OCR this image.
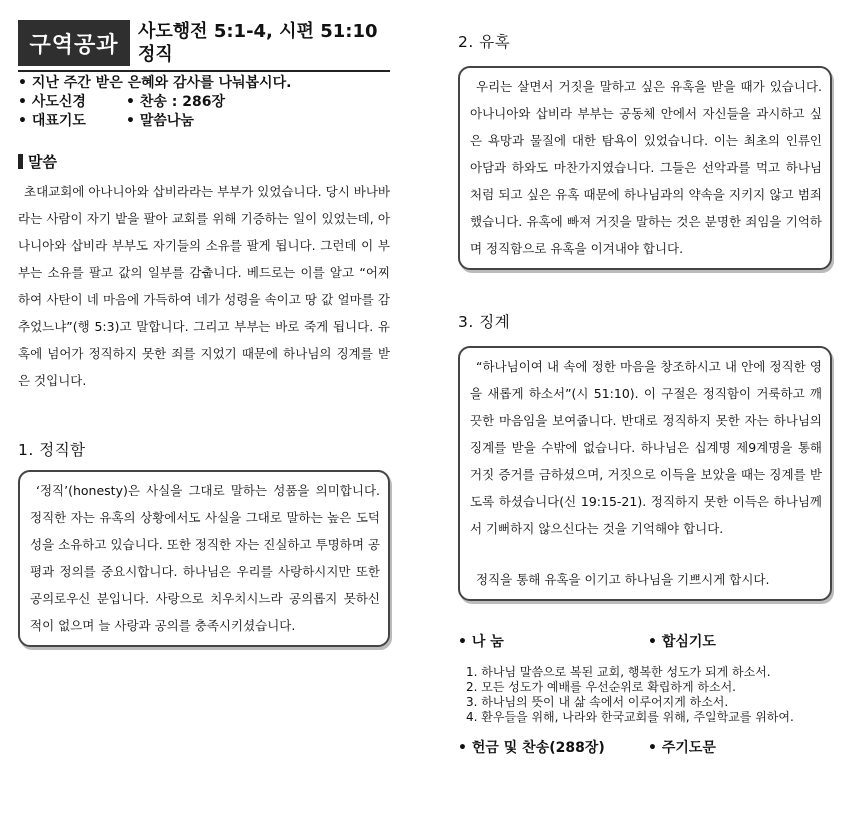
구역공과
사도행전 5:1-4, 시편 51:10
정직
• 지난 주간 받은 은혜와 감사를 나눠봅시다.
• 사도신경	• 찬송 : 286장
• 대표기도	• 말씀나눔
말씀
초대교회에 아나니아와 삽비라라는 부부가 있었습니다. 당시 바나바라는 사람이 자기 밭을 팔아 교회를 위해 기증하는 일이 있었는데, 아나니아와 삽비라 부부도 자기들의 소유를 팔게 됩니다. 그런데 이 부부는 소유를 팔고 값의 일부를 감춥니다. 베드로는 이를 알고 “어찌하여 사탄이 네 마음에 가득하여 네가 성령을 속이고 땅 값 얼마를 감추었느냐”(행 5:3)고 말합니다. 그리고 부부는 바로 죽게 됩니다. 유혹에 넘어가 정직하지 못한 죄를 지었기 때문에 하나님의 징계를 받은 것입니다.
1. 정직함
‘정직’(honesty)은 사실을 그대로 말하는 성품을 의미합니다. 정직한 자는 유혹의 상황에서도 사실을 그대로 말하는 높은 도덕성을 소유하고 있습니다. 또한 정직한 자는 진실하고 투명하며 공평과 정의를 중요시합니다. 하나님은 우리를 사랑하시지만 또한 공의로우신 분입니다. 사랑으로 치우치시느라 공의롭지 못하신 적이 없으며 늘 사랑과 공의를 충족시키셨습니다.
2. 유혹
우리는 살면서 거짓을 말하고 싶은 유혹을 받을 때가 있습니다. 아나니아와 삽비라 부부는 공동체 안에서 자신들을 과시하고 싶은 욕망과 물질에 대한 탐욕이 있었습니다. 이는 최초의 인류인 아담과 하와도 마찬가지였습니다. 그들은 선악과를 먹고 하나님처럼 되고 싶은 유혹 때문에 하나님과의 약속을 지키지 않고 범죄했습니다. 유혹에 빠져 거짓을 말하는 것은 분명한 죄임을 기억하며 정직함으로 유혹을 이겨내야 합니다.
3. 징계
“하나님이여 내 속에 정한 마음을 창조하시고 내 안에 정직한 영을 새롭게 하소서”(시 51:10). 이 구절은 정직함이 거룩하고 깨끗한 마음임을 보여줍니다. 반대로 정직하지 못한 자는 하나님의 징계를 받을 수밖에 없습니다. 하나님은 십계명 제9계명을 통해 거짓 증거를 금하셨으며, 거짓으로 이득을 보았을 때는 징계를 받도록 하셨습니다(신 19:15-21). 정직하지 못한 이득은 하나님께서 기뻐하지 않으신다는 것을 기억해야 합니다.
정직을 통해 유혹을 이기고 하나님을 기쁘시게 합시다.
• 나 눔	• 합심기도
1. 하나님 말씀으로 복된 교회, 행복한 성도가 되게 하소서.
2. 모든 성도가 예배를 우선순위로 확립하게 하소서.
3. 하나님의 뜻이 내 삶 속에서 이루어지게 하소서.
4. 환우들을 위해, 나라와 한국교회를 위해, 주일학교를 위하여.
• 헌금 및 찬송(288장)	• 주기도문
